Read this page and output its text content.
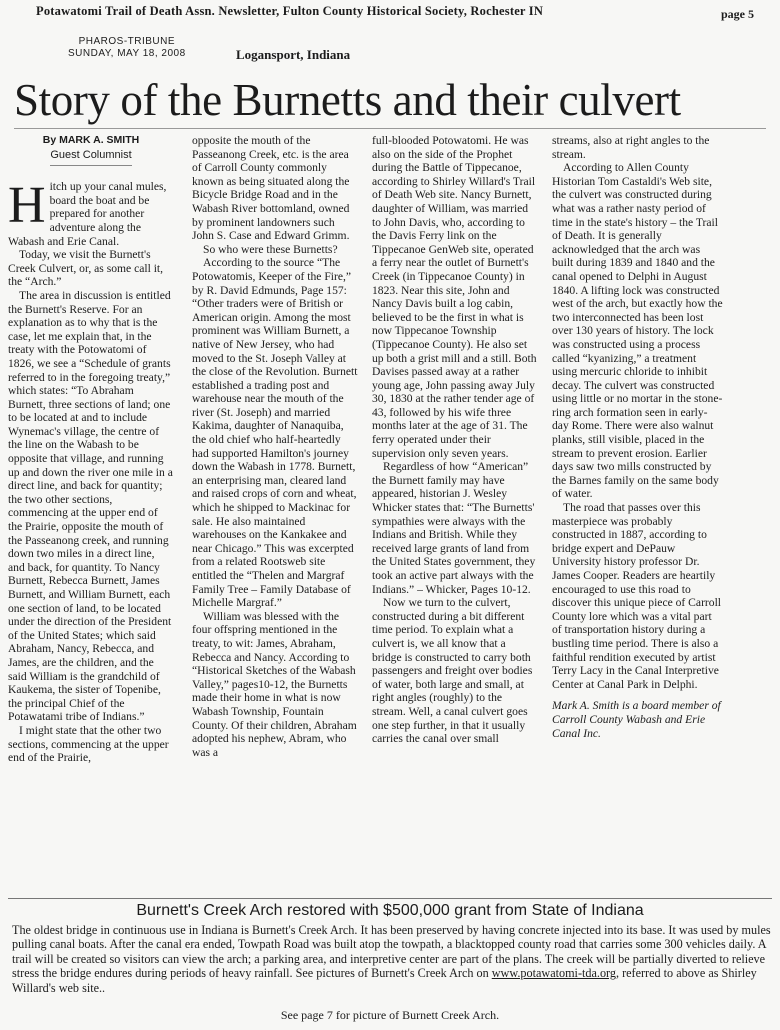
Potawatomi Trail of Death Assn. Newsletter, Fulton County Historical Society, Rochester IN	page 5
PHAROS-TRIBUNE
SUNDAY, MAY 18, 2008	Logansport, Indiana
Story of the Burnetts and their culvert
By MARK A. SMITH
Guest Columnist

Hitch up your canal mules, board the boat and be prepared for another adventure along the Wabash and Erie Canal.

Today, we visit the Burnett's Creek Culvert, or, as some call it, the “Arch.”

The area in discussion is entitled the Burnett's Reserve. For an explanation as to why that is the case, let me explain that, in the treaty with the Potowatomi of 1826, we see a “Schedule of grants referred to in the foregoing treaty,” which states: “To Abraham Burnett, three sections of land; one to be located at and to include Wynemac's village, the centre of the line on the Wabash to be opposite that village, and running up and down the river one mile in a direct line, and back for quantity; the two other sections, commencing at the upper end of the Prairie, opposite the mouth of the Passeanong creek, and running down two miles in a direct line, and back, for quantity. To Nancy Burnett, Rebecca Burnett, James Burnett, and William Burnett, each one section of land, to be located under the direction of the President of the United States; which said Abraham, Nancy, Rebecca, and James, are the children, and the said William is the grandchild of Kaukema, the sister of Topenibe, the principal Chief of the Potawatami tribe of Indians.”

I might state that the other two sections, commencing at the upper end of the Prairie,

opposite the mouth of the Passeanong Creek, etc. is the area of Carroll County commonly known as being situated along the Bicycle Bridge Road and in the Wabash River bottomland, owned by prominent landowners such John S. Case and Edward Grimm.

So who were these Burnetts?

According to the source “The Potowatomis, Keeper of the Fire,” by R. David Edmunds, Page 157: “Other traders were of British or American origin. Among the most prominent was William Burnett, a native of New Jersey, who had moved to the St. Joseph Valley at the close of the Revolution. Burnett established a trading post and warehouse near the mouth of the river (St. Joseph) and married Kakima, daughter of Nanaquiba, the old chief who half-heartedly had supported Hamilton's journey down the Wabash in 1778. Burnett, an enterprising man, cleared land and raised crops of corn and wheat, which he shipped to Mackinac for sale. He also maintained warehouses on the Kankakee and near Chicago.” This was excerpted from a related Rootsweb site entitled the “Thelen and Margraf Family Tree – Family Database of Michelle Margraf.”

William was blessed with the four offspring mentioned in the treaty, to wit: James, Abraham, Rebecca and Nancy. According to “Historical Sketches of the Wabash Valley,” pages10-12, the Burnetts made their home in what is now Wabash Township, Fountain County. Of their children, Abraham adopted his nephew, Abram, who was a

full-blooded Potowatomi. He was also on the side of the Prophet during the Battle of Tippecanoe, according to Shirley Willard's Trail of Death Web site. Nancy Burnett, daughter of William, was married to John Davis, who, according to the Davis Ferry link on the Tippecanoe GenWeb site, operated a ferry near the outlet of Burnett's Creek (in Tippecanoe County) in 1823. Near this site, John and Nancy Davis built a log cabin, believed to be the first in what is now Tippecanoe Township (Tippecanoe County). He also set up both a grist mill and a still. Both Davises passed away at a rather young age, John passing away July 30, 1830 at the rather tender age of 43, followed by his wife three months later at the age of 31. The ferry operated under their supervision only seven years.

Regardless of how “American” the Burnett family may have appeared, historian J. Wesley Whicker states that: “The Burnetts' sympathies were always with the Indians and British. While they received large grants of land from the United States government, they took an active part always with the Indians.” – Whicker, Pages 10-12.

Now we turn to the culvert, constructed during a bit different time period. To explain what a culvert is, we all know that a bridge is constructed to carry both passengers and freight over bodies of water, both large and small, at right angles (roughly) to the stream. Well, a canal culvert goes one step further, in that it usually carries the canal over small

streams, also at right angles to the stream.

According to Allen County Historian Tom Castaldi's Web site, the culvert was constructed during what was a rather nasty period of time in the state's history – the Trail of Death. It is generally acknowledged that the arch was built during 1839 and 1840 and the canal opened to Delphi in August 1840. A lifting lock was constructed west of the arch, but exactly how the two interconnected has been lost over 130 years of history. The lock was constructed using a process called “kyanizing,” a treatment using mercuric chloride to inhibit decay. The culvert was constructed using little or no mortar in the stone-ring arch formation seen in early-day Rome. There were also walnut planks, still visible, placed in the stream to prevent erosion. Earlier days saw two mills constructed by the Barnes family on the same body of water.

The road that passes over this masterpiece was probably constructed in 1887, according to bridge expert and DePauw University history professor Dr. James Cooper. Readers are heartily encouraged to use this road to discover this unique piece of Carroll County lore which was a vital part of transportation history during a bustling time period. There is also a faithful rendition executed by artist Terry Lacy in the Canal Interpretive Center at Canal Park in Delphi.

Mark A. Smith is a board member of Carroll County Wabash and Erie Canal Inc.

Burnett's Creek Arch restored with $500,000 grant from State of Indiana
The oldest bridge in continuous use in Indiana is Burnett's Creek Arch. It has been preserved by having concrete injected into its base. It was used by mules pulling canal boats. After the canal era ended, Towpath Road was built atop the towpath, a blacktopped county road that carries some 300 vehicles daily. A trail will be created so visitors can view the arch; a parking area, and interpretive center are part of the plans. The creek will be partially diverted to relieve stress the bridge endures during periods of heavy rainfall. See pictures of Burnett's Creek Arch on www.potawatomi-tda.org, referred to above as Shirley Willard's web site..
See page 7 for picture of Burnett Creek Arch.
